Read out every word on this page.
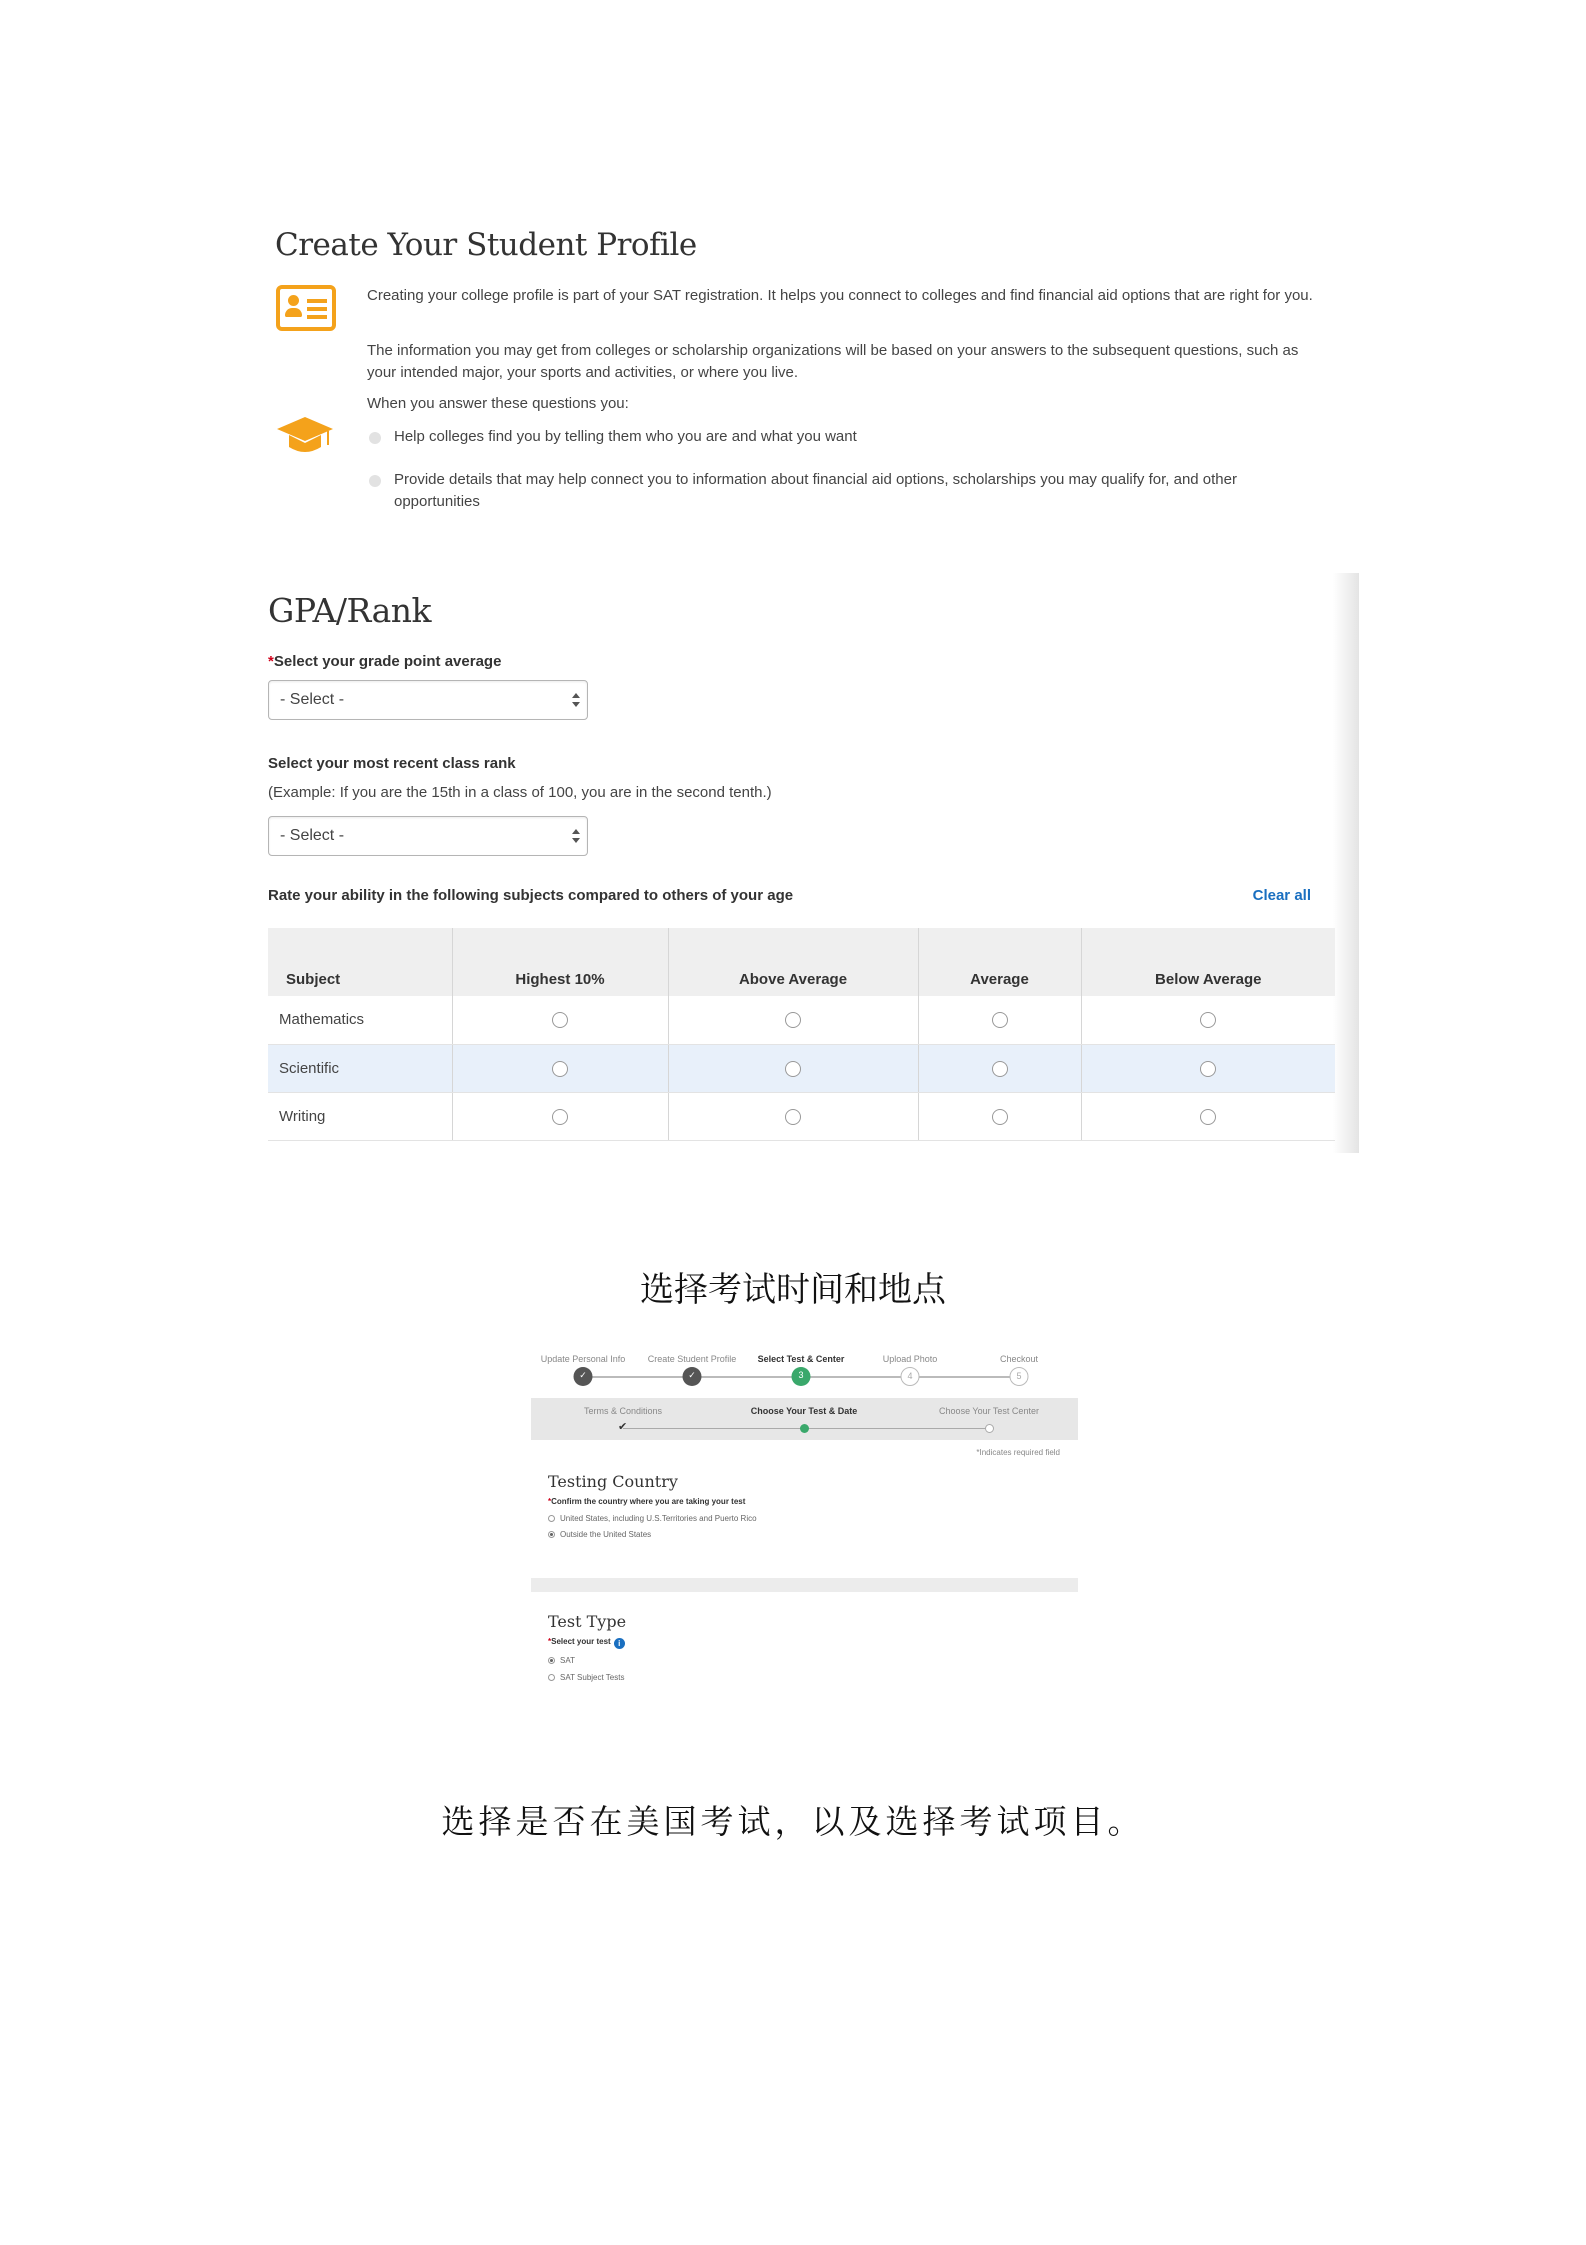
Create Your Student Profile
Creating your college profile is part of your SAT registration. It helps you connect to colleges and find financial aid options that are right for you.
The information you may get from colleges or scholarship organizations will be based on your answers to the subsequent questions, such as your intended major, your sports and activities, or where you live.
When you answer these questions you:
Help colleges find you by telling them who you are and what you want
Provide details that may help connect you to information about financial aid options, scholarships you may qualify for, and other opportunities
GPA/Rank
*Select your grade point average
- Select -
Select your most recent class rank
(Example: If you are the 15th in a class of 100, you are in the second tenth.)
- Select -
Rate your ability in the following subjects compared to others of your age	Clear all
Subject	Highest 10%	Above Average	Average	Below Average
Mathematics				
Scientific				
Writing				
选择考试时间和地点
Update Personal Info Create Student Profile Select Test & Center	Upload Photo	Checkout
✓	✓	3	4	5
Terms & Conditions	Choose Your Test & Date	Choose Your Test Center
✔
*Indicates required field
Testing Country
*Confirm the country where you are taking your test
United States, including U.S.Territories and Puerto Rico
Outside the United States
Test Type
*Select your test i
SAT
SAT Subject Tests
选择是否在美国考试，以及选择考试项目。
